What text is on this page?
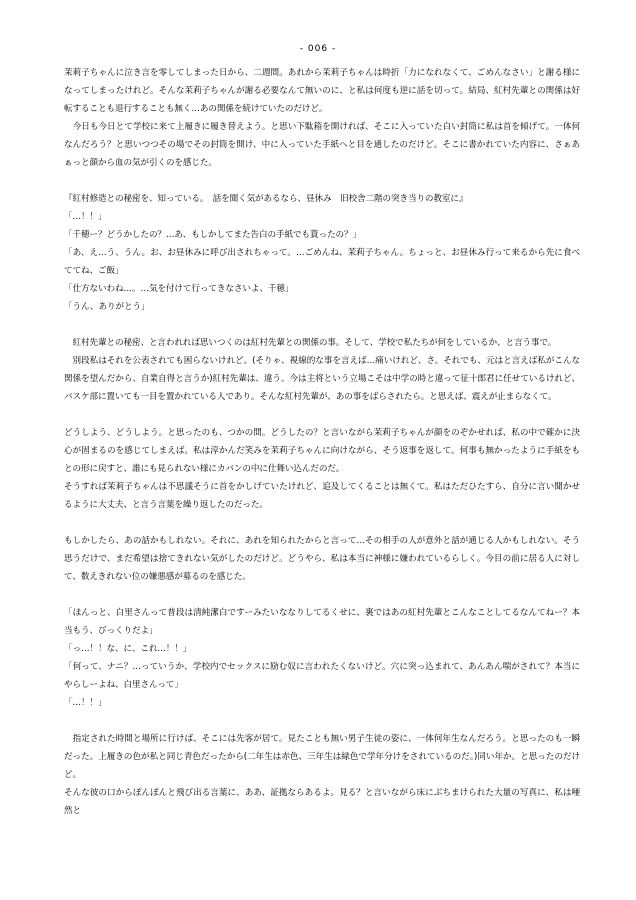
- 006 -

茉莉子ちゃんに泣き言を零してしまった日から、二週間。あれから茉莉子ちゃんは時折「力になれなくて、ごめんなさい」と謝る様になってしまったけれど。そんな茉莉子ちゃんが謝る必要なんて無いのに、と私は何度も逆に話を切って。結局、紅村先輩との関係は好転することも退行することも無く…あの関係を続けていたのだけど。

　今日も今日とて学校に来て上履きに履き替えよう。と思い下駄箱を開ければ、そこに入っていた白い封筒に私は首を傾げて。一体何なんだろう？と思いつつその場でその封筒を開け、中に入っていた手紙へと目を通したのだけど。そこに書かれていた内容に、さぁあぁっと顔から血の気が引くのを感じた。

『紅村修造との秘密を、知っている。　話を聞く気があるなら、昼休み　旧校舎二階の突き当りの教室に』

「…！！」

「千穂ー？どうかしたの？…あ、もしかしてまた告白の手紙でも貰ったの？」

「あ、え…う、うん。お、お昼休みに呼び出されちゃって。…ごめんね、茉莉子ちゃん。ちょっと、お昼休み行って来るから先に食べててね、ご飯」

「仕方ないわね…。…気を付けて行ってきなさいよ、千穂」

「うん、ありがとう」

　紅村先輩との秘密、と言われれば思いつくのは紅村先輩との関係の事。そして、学校で私たちが何をしているか、と言う事で。

　別段私はそれを公表されても困らないけれど。(そりゃ、視線的な事を言えば…痛いけれど、さ。それでも、元はと言えば私がこんな関係を望んだから、自業自得と言うか)紅村先輩は、違う。今は主将という立場こそは中学の時と違って征十郎君に任せているけれど、バスケ部に置いても一目を置かれている人であり。そんな紅村先輩が、あの事をばらされたら。と思えば、震えが止まらなくて。

どうしよう、どうしよう。と思ったのも、つかの間。どうしたの？と言いながら茉莉子ちゃんが顔をのぞかせれば、私の中で確かに決心が固まるのを感じてしまえば。私は淳かんだ笑みを茉莉子ちゃんに向けながら、そう返事を返して。何事も無かったように手紙をもとの形に戻すと、誰にも見られない様にカバンの中に仕舞い込んだのだ。

そうすれば茉莉子ちゃんは不思議そうに首をかしげていたけれど、追及してくることは無くて。私はただひたすら、自分に言い聞かせるように大丈夫、と言う言葉を繰り返したのだった。

もしかしたら、あの話かもしれない。それに、あれを知られたからと言って…その相手の人が意外と話が通じる人かもしれない。そう思うだけで、まだ希望は捨てきれない気がしたのだけど。どうやら、私は本当に神様に嫌われているらしく。今目の前に居る人に対して、数えきれない位の嫌悪感が募るのを感じた。

「ほんっと、白里さんって普段は清純潔白ですーみたいななりしてるくせに、裏ではあの紅村先輩とこんなことしてるなんてねー？本当もう、びっくりだよ」

「っ…！！な、に、これ…！！」

「何って、ナニ？…っていうか、学校内でセックスに励む奴に言われたくないけど。穴に突っ込まれて、あんあん喘がされて？本当にやらしーよね、白里さんって」

「…！！」

　指定された時間と場所に行けば、そこには先客が居て。見たことも無い男子生徒の姿に、一体何年生なんだろう。と思ったのも一瞬だった。上履きの色が私と同じ青色だったから(二年生は赤色、三年生は緑色で学年分けをされているのだ。)同い年か。と思ったのだけど。

そんな彼の口からぽんぽんと飛び出る言葉に、ああ、証拠ならあるよ。見る？と言いながら床にぶちまけられた大量の写真に、私は唖然と
